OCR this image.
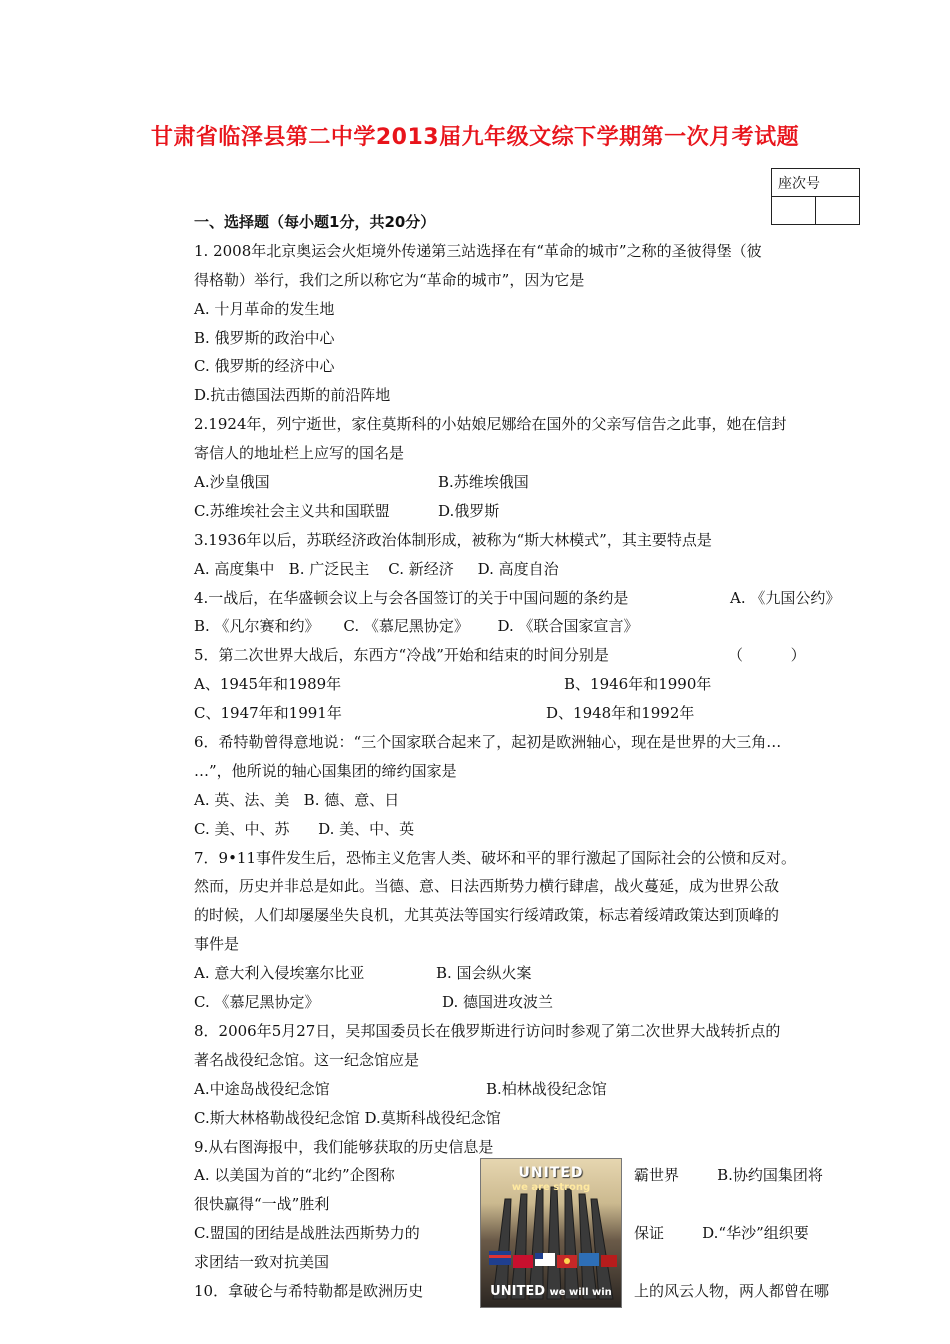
甘肃省临泽县第二中学2013届九年级文综下学期第一次月考试题
座次号

一、选择题（每小题1分，共20分）
1. 2008年北京奥运会火炬境外传递第三站选择在有“革命的城市”之称的圣彼得堡（彼
得格勒）举行，我们之所以称它为“革命的城市”，因为它是
A. 十月革命的发生地
B. 俄罗斯的政治中心
C. 俄罗斯的经济中心
D.抗击德国法西斯的前沿阵地
2.1924年，列宁逝世，家住莫斯科的小姑娘尼娜给在国外的父亲写信告之此事，她在信封
寄信人的地址栏上应写的国名是
A.沙皇俄国	B.苏维埃俄国
C.苏维埃社会主义共和国联盟	D.俄罗斯
3.1936年以后，苏联经济政治体制形成，被称为“斯大林模式”，其主要特点是
A. 高度集中   B. 广泛民主    C. 新经济     D. 高度自治
4.一战后，在华盛顿会议上与会各国签订的关于中国问题的条约是	A. 《九国公约》
B. 《凡尔赛和约》     C. 《慕尼黑协定》      D. 《联合国家宣言》
5．第二次世界大战后，东西方“冷战”开始和结束的时间分别是	（          ）
A、1945年和1989年	B、1946年和1990年
C、1947年和1991年	D、1948年和1992年
6．希特勒曾得意地说：“三个国家联合起来了，起初是欧洲轴心，现在是世界的大三角…
…”，他所说的轴心国集团的缔约国家是
A. 英、法、美   B. 德、意、日
C. 美、中、苏      D. 美、中、英
7．9•11事件发生后，恐怖主义危害人类、破坏和平的罪行激起了国际社会的公愤和反对。
然而，历史并非总是如此。当德、意、日法西斯势力横行肆虐，战火蔓延，成为世界公敌
的时候，人们却屡屡坐失良机，尤其英法等国实行绥靖政策，标志着绥靖政策达到顶峰的
事件是
A. 意大利入侵埃塞尔比亚	B. 国会纵火案
C. 《慕尼黑协定》	D. 德国进攻波兰
8．2006年5月27日，吴邦国委员长在俄罗斯进行访问时参观了第二次世界大战转折点的
著名战役纪念馆。这一纪念馆应是
A.中途岛战役纪念馆	B.柏林战役纪念馆
C.斯大林格勒战役纪念馆 D.莫斯科战役纪念馆
9.从右图海报中，我们能够获取的历史信息是
A. 以美国为首的“北约”企图称	霸世界        B.协约国集团将
很快赢得“一战”胜利
C.盟国的团结是战胜法西斯势力的	保证        D.“华沙”组织要
求团结一致对抗美国
10．拿破仑与希特勒都是欧洲历史	上的风云人物，两人都曾在哪
UNITED
we are strong
UNITED we will win
